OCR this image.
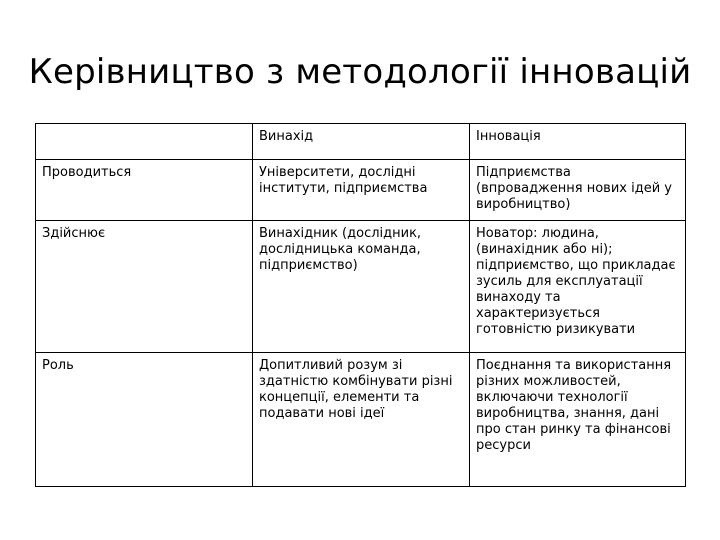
Керівництво з методології інновацій

	Винахід	Інновація

Проводиться	Університети, дослідні інститути, підприємства	Підприємства (впровадження нових ідей у виробництво)

Здійснює	Винахідник (дослідник, дослідницька команда, підприємство)	Новатор: людина, (винахідник або ні); підприємство, що прикладає зусиль для експлуатації винаходу та характеризується готовністю ризикувати

Роль	Допитливий розум зі здатністю комбінувати різні концепції, елементи та подавати нові ідеї	Поєднання та використання різних можливостей, включаючи технології виробництва, знання, дані про стан ринку та фінансові ресурси
